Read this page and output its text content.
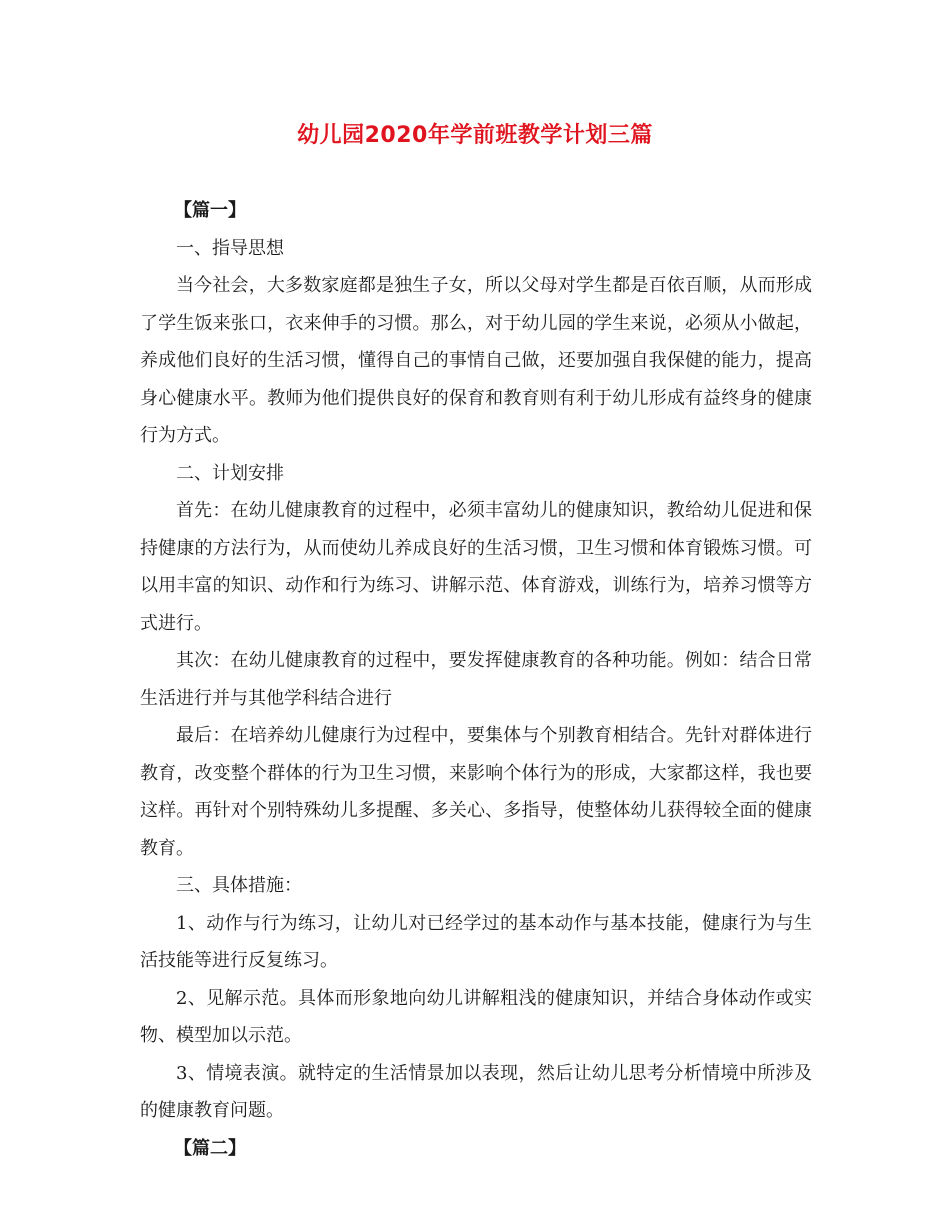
幼儿园2020年学前班教学计划三篇

【篇一】

一、指导思想

当今社会，大多数家庭都是独生子女，所以父母对学生都是百依百顺，从而形成了学生饭来张口，衣来伸手的习惯。那么，对于幼儿园的学生来说，必须从小做起，养成他们良好的生活习惯，懂得自己的事情自己做，还要加强自我保健的能力，提高身心健康水平。教师为他们提供良好的保育和教育则有利于幼儿形成有益终身的健康行为方式。

二、计划安排

首先：在幼儿健康教育的过程中，必须丰富幼儿的健康知识，教给幼儿促进和保持健康的方法行为，从而使幼儿养成良好的生活习惯，卫生习惯和体育锻炼习惯。可以用丰富的知识、动作和行为练习、讲解示范、体育游戏，训练行为，培养习惯等方式进行。

其次：在幼儿健康教育的过程中，要发挥健康教育的各种功能。例如：结合日常生活进行并与其他学科结合进行

最后：在培养幼儿健康行为过程中，要集体与个别教育相结合。先针对群体进行教育，改变整个群体的行为卫生习惯，来影响个体行为的形成，大家都这样，我也要这样。再针对个别特殊幼儿多提醒、多关心、多指导，使整体幼儿获得较全面的健康教育。

三、具体措施：

1、动作与行为练习，让幼儿对已经学过的基本动作与基本技能，健康行为与生活技能等进行反复练习。

2、见解示范。具体而形象地向幼儿讲解粗浅的健康知识，并结合身体动作或实物、模型加以示范。

3、情境表演。就特定的生活情景加以表现，然后让幼儿思考分析情境中所涉及的健康教育问题。

【篇二】
